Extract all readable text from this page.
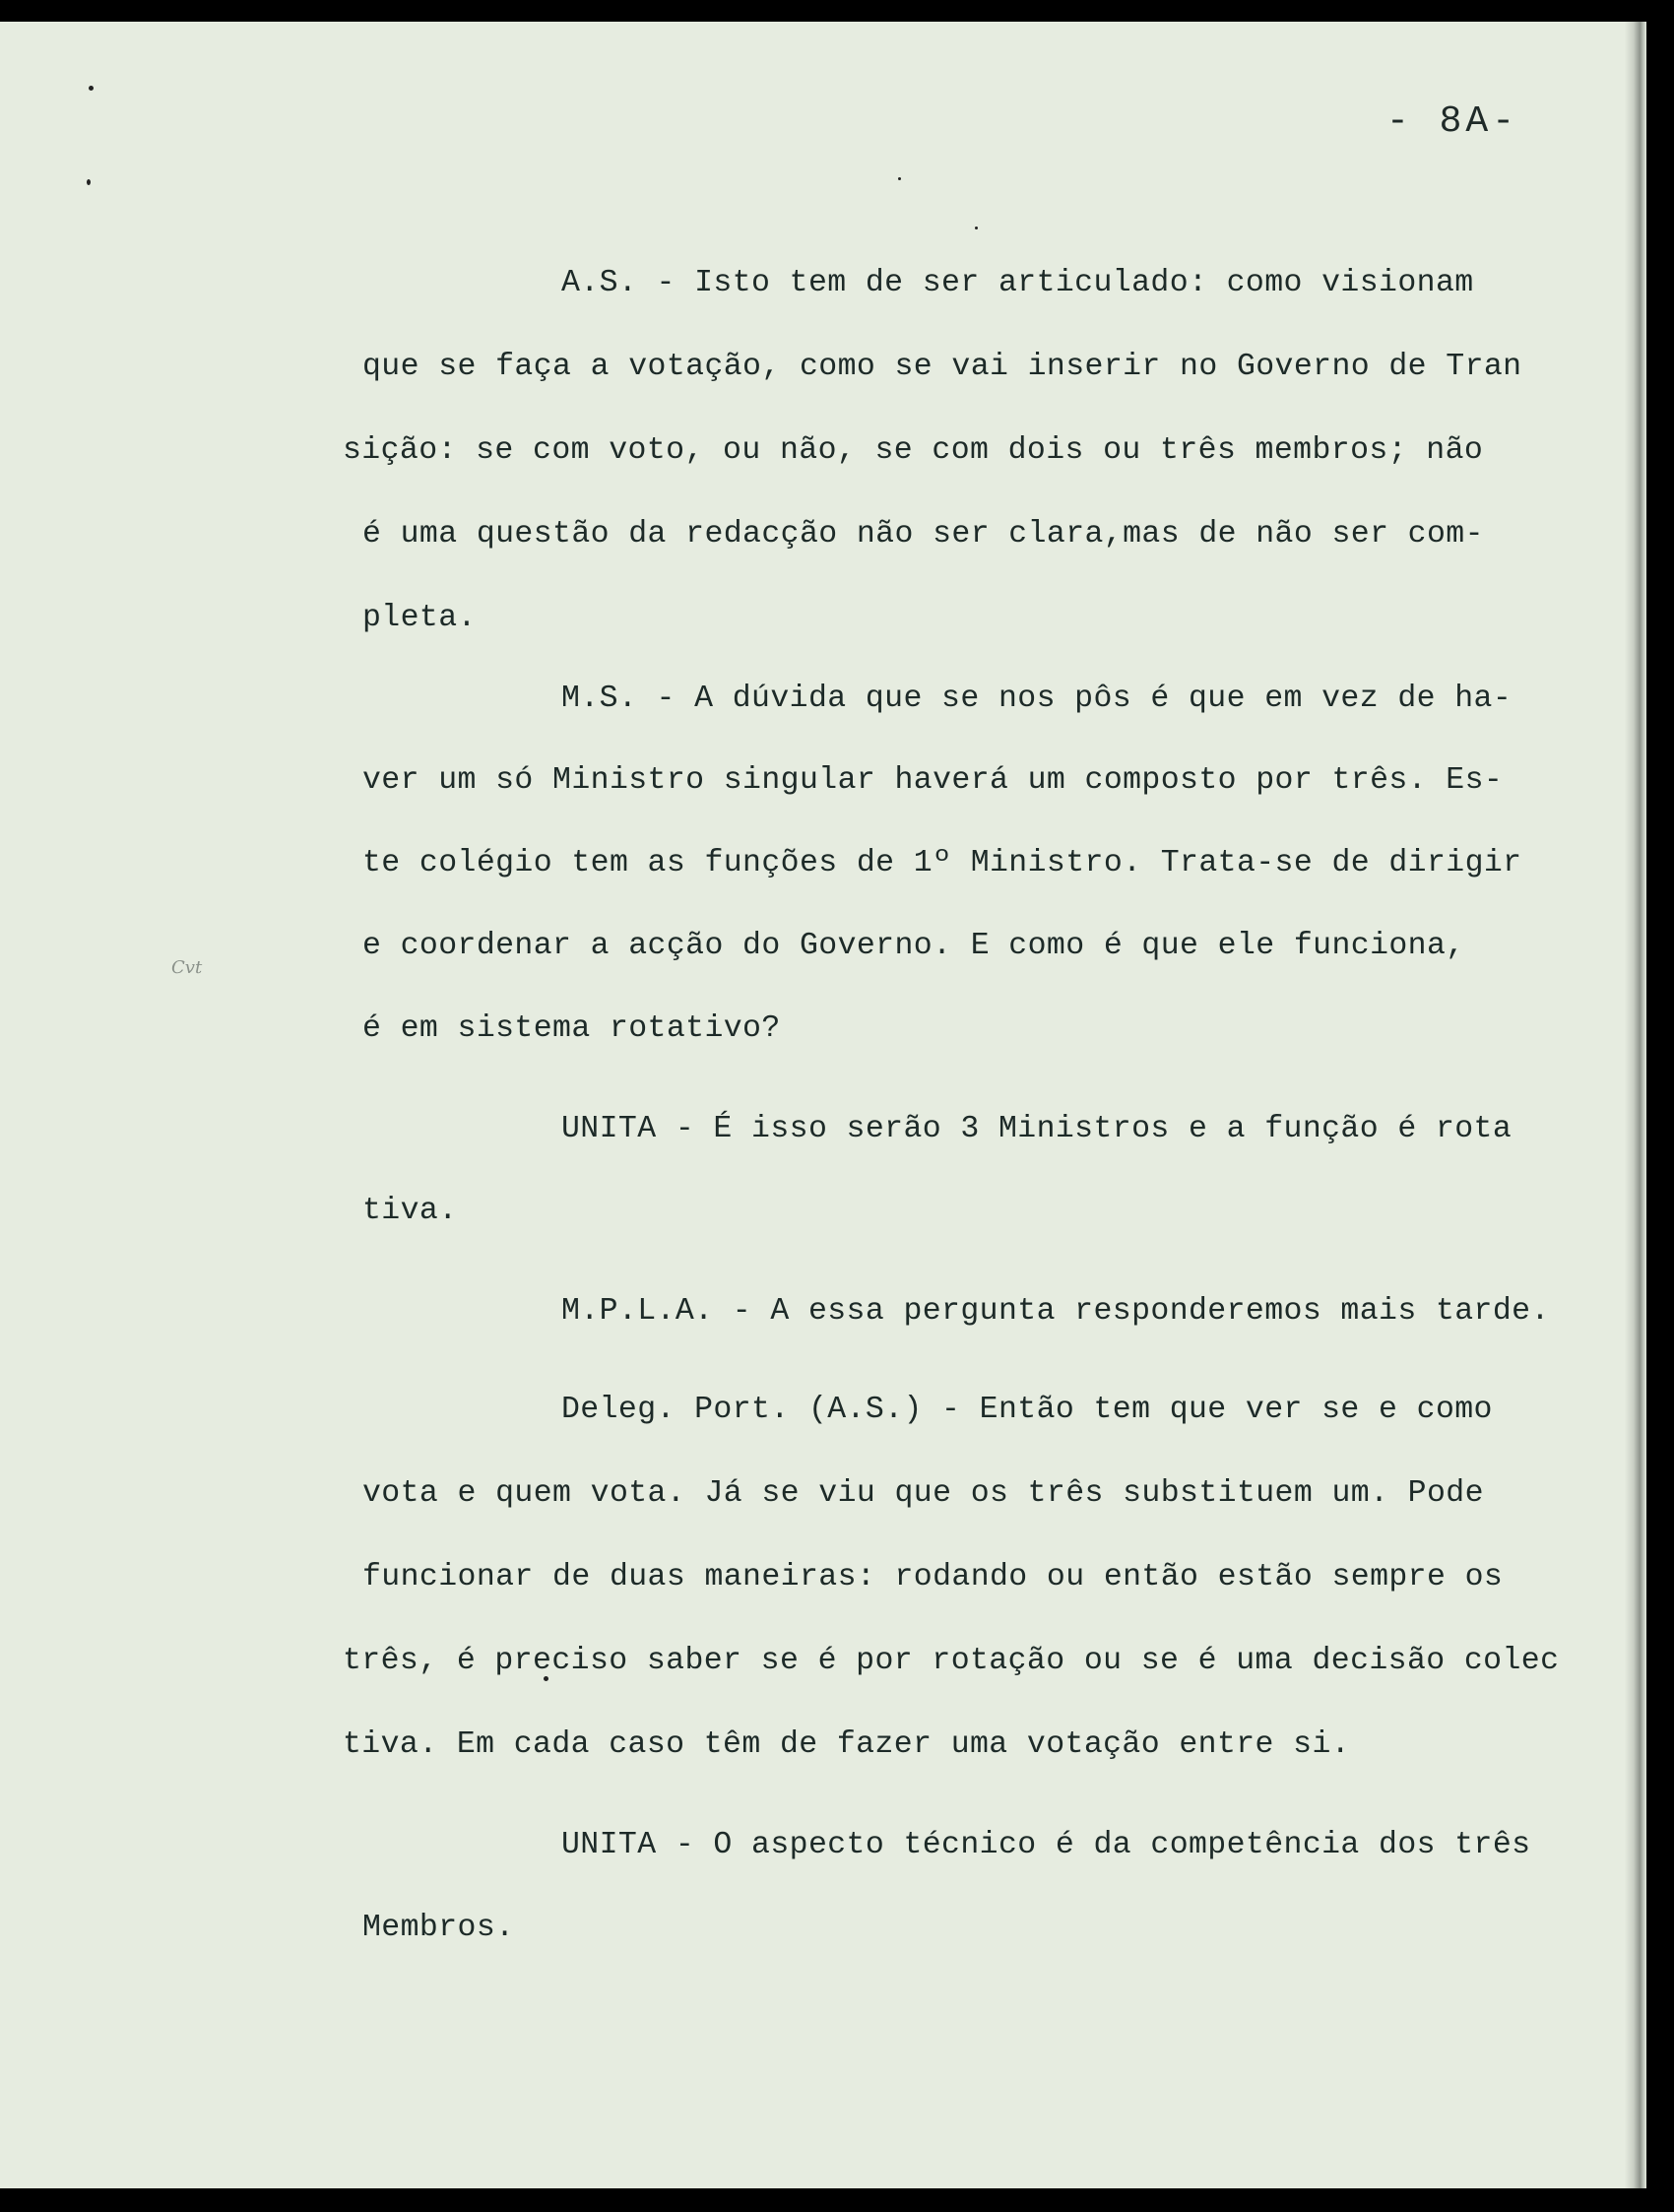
- 8A-
Cvt
A.S. - Isto tem de ser articulado: como visionam
que se faça a votação, como se vai inserir no Governo de Tran
sição: se com voto, ou não, se com dois ou três membros; não
é uma questão da redacção não ser clara,mas de não ser com-
pleta.
M.S. - A dúvida que se nos pôs é que em vez de ha-
ver um só Ministro singular haverá um composto por três. Es-
te colégio tem as funções de 1º Ministro. Trata-se de dirigir
e coordenar a acção do Governo. E como é que ele funciona,
é em sistema rotativo?
UNITA - É isso serão 3 Ministros e a função é rota
tiva.
M.P.L.A. - A essa pergunta responderemos mais tarde.
Deleg. Port. (A.S.) - Então tem que ver se e como
vota e quem vota. Já se viu que os três substituem um. Pode
funcionar de duas maneiras: rodando ou então estão sempre os
três, é preciso saber se é por rotação ou se é uma decisão colec
tiva. Em cada caso têm de fazer uma votação entre si.
UNITA - O aspecto técnico é da competência dos três
Membros.
